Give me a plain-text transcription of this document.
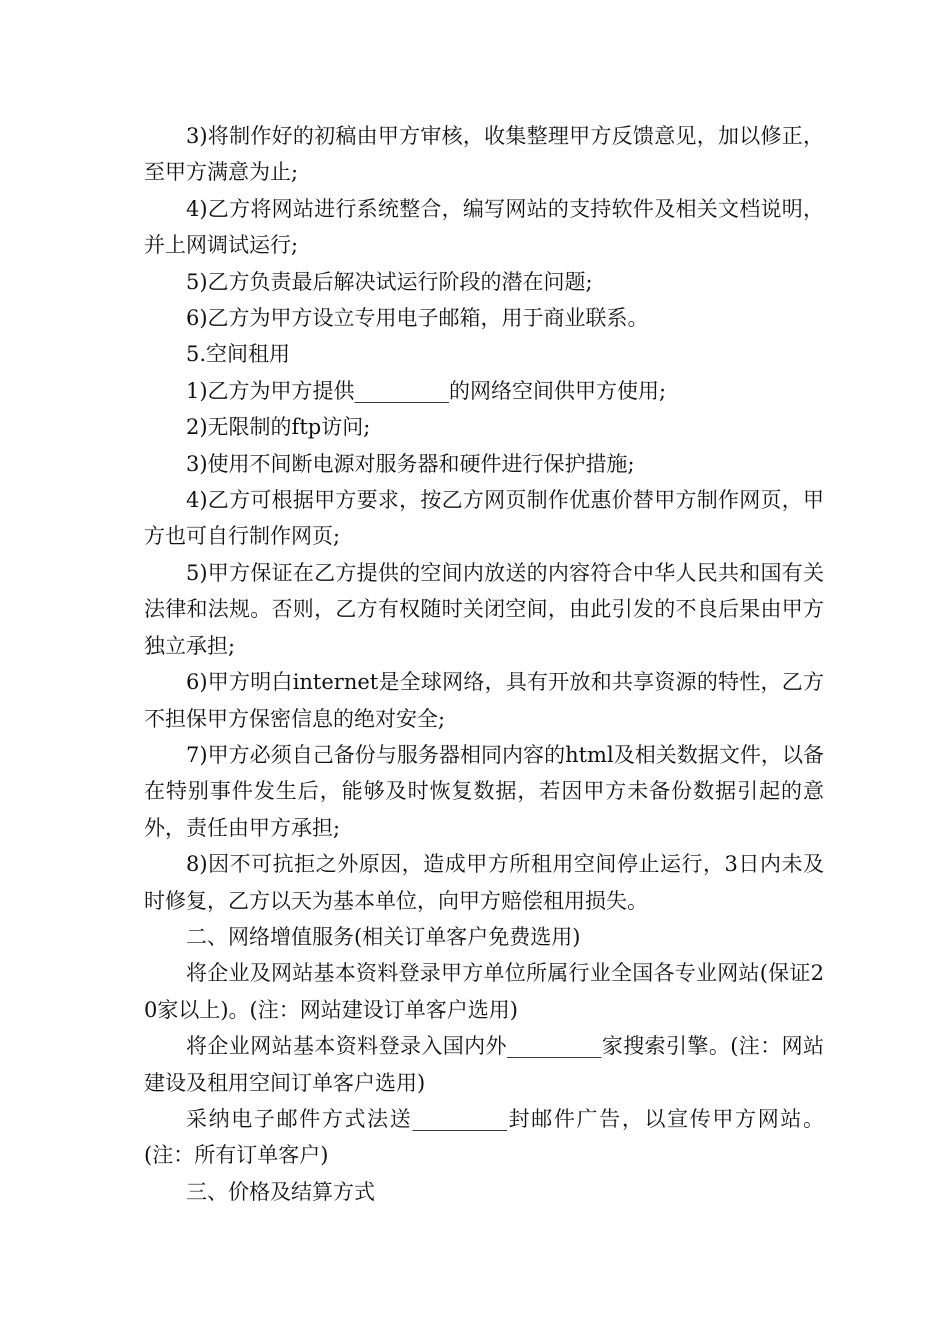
3)将制作好的初稿由甲方审核，收集整理甲方反馈意见，加以修正，至甲方满意为止;

4)乙方将网站进行系统整合，编写网站的支持软件及相关文档说明，并上网调试运行;

5)乙方负责最后解决试运行阶段的潜在问题;

6)乙方为甲方设立专用电子邮箱，用于商业联系。

5.空间租用

1)乙方为甲方提供_________的网络空间供甲方使用;

2)无限制的ftp访问;

3)使用不间断电源对服务器和硬件进行保护措施;

4)乙方可根据甲方要求，按乙方网页制作优惠价替甲方制作网页，甲方也可自行制作网页;

5)甲方保证在乙方提供的空间内放送的内容符合中华人民共和国有关法律和法规。否则，乙方有权随时关闭空间，由此引发的不良后果由甲方独立承担;

6)甲方明白internet是全球网络，具有开放和共享资源的特性，乙方不担保甲方保密信息的绝对安全;

7)甲方必须自己备份与服务器相同内容的html及相关数据文件，以备在特别事件发生后，能够及时恢复数据，若因甲方未备份数据引起的意外，责任由甲方承担;

8)因不可抗拒之外原因，造成甲方所租用空间停止运行，3日内未及时修复，乙方以天为基本单位，向甲方赔偿租用损失。

二、网络增值服务(相关订单客户免费选用)

将企业及网站基本资料登录甲方单位所属行业全国各专业网站(保证20家以上)。(注：网站建设订单客户选用)

将企业网站基本资料登录入国内外_________家搜索引擎。(注：网站建设及租用空间订单客户选用)

采纳电子邮件方式法送_________封邮件广告，以宣传甲方网站。(注：所有订单客户)

三、价格及结算方式
